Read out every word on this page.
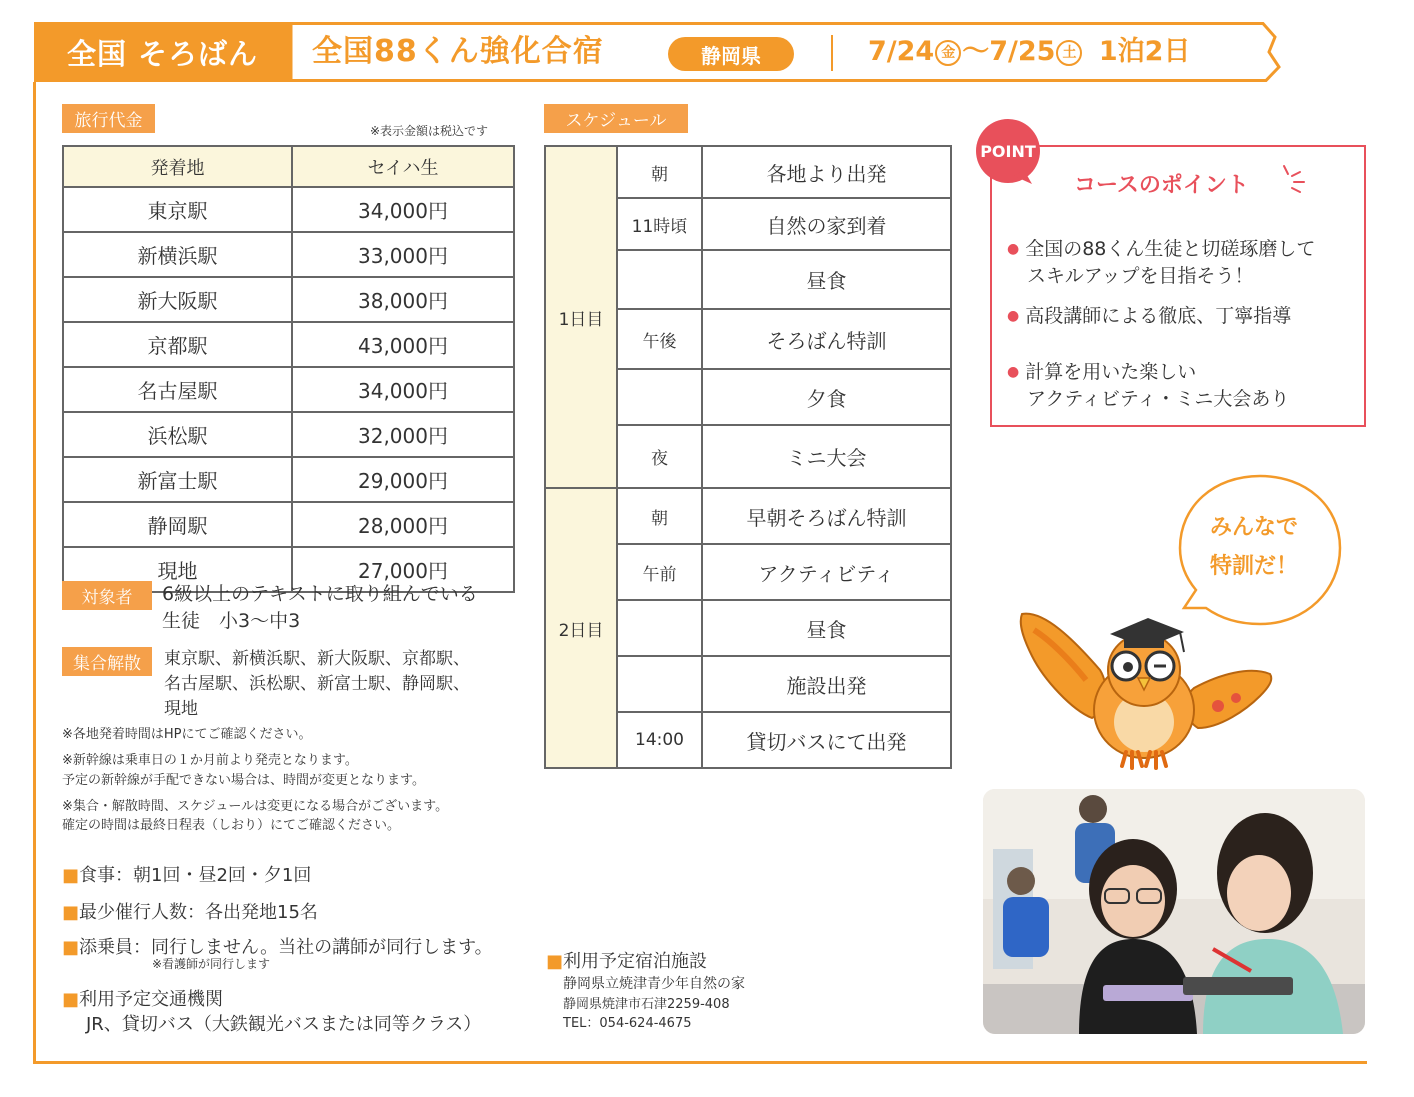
全国 そろばん	全国88くん強化合宿	静岡県	7/24 金 ～7/25 土 1泊2日
旅行代金	※表示金額は税込です
発着地	セイハ生
東京駅	34,000円
新横浜駅	33,000円
新大阪駅	38,000円
京都駅	43,000円
名古屋駅	34,000円
浜松駅	32,000円
新富士駅	29,000円
静岡駅	28,000円
現地	27,000円
対象者	6級以上のテキストに取り組んでいる
生徒　小3～中3
集合解散	東京駅、新横浜駅、新大阪駅、京都駅、
名古屋駅、浜松駅、新富士駅、静岡駅、
現地
※各地発着時間はHPにてご確認ください。
※新幹線は乗車日の１か月前より発売となります。
予定の新幹線が手配できない場合は、時間が変更となります。
※集合・解散時間、スケジュールは変更になる場合がございます。
確定の時間は最終日程表（しおり）にてご確認ください。
■食事：朝1回・昼2回・夕1回
■最少催行人数：各出発地15名
■添乗員：同行しません。当社の講師が同行します。
※看護師が同行します
■利用予定交通機関
JR、貸切バス（大鉄観光バスまたは同等クラス）
スケジュール
1日目	朝	各地より出発
	11時頃	自然の家到着
		昼食
	午後	そろばん特訓
		夕食
	夜	ミニ大会
2日目	朝	早朝そろばん特訓
	午前	アクティビティ
		昼食
		施設出発
	14:00	貸切バスにて出発
■利用予定宿泊施設
静岡県立焼津青少年自然の家
静岡県焼津市石津2259-408
TEL：054-624-4675
POINT
コースのポイント
● 全国の88くん生徒と切磋琢磨して
スキルアップを目指そう！
● 高段講師による徹底、丁寧指導
● 計算を用いた楽しい
アクティビティ・ミニ大会あり
みんなで
特訓だ！
